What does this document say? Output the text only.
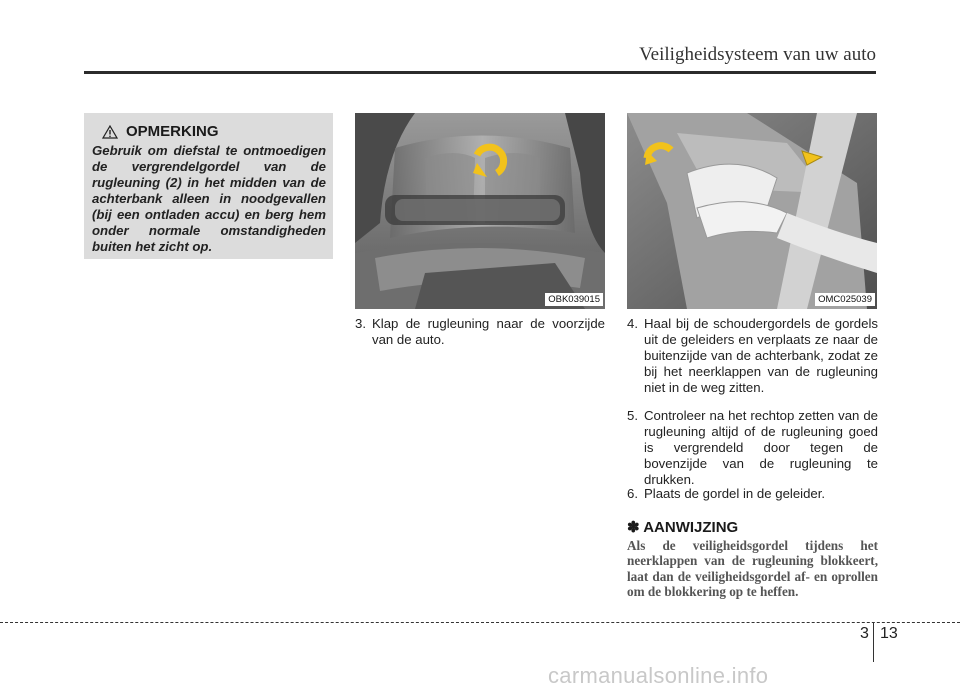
Veiligheidsysteem van uw auto
OPMERKING
Gebruik om diefstal te ontmoedigen de vergrendelgordel van de rugleuning (2) in het midden van de achterbank alleen in noodgevallen (bij een ontladen accu) en berg hem onder normale omstandigheden buiten het zicht op.
OBK039015	OMC025039
3. Klap de rugleuning naar de voorzijde van de auto.
4. Haal bij de schoudergordels de gordels uit de geleiders en verplaats ze naar de buitenzijde van de achterbank, zodat ze bij het neerklappen van de rugleuning niet in de weg zitten.
5. Controleer na het rechtop zetten van de rugleuning altijd of de rugleuning goed is vergrendeld door tegen de bovenzijde van de rugleuning te drukken.
6. Plaats de gordel in de geleider.
✽ AANWIJZING
Als de veiligheidsgordel tijdens het neerklappen van de rugleuning blokkeert, laat dan de veiligheidsgordel af- en oprollen om de blokkering op te heffen.
3 13
carmanualsonline.info
